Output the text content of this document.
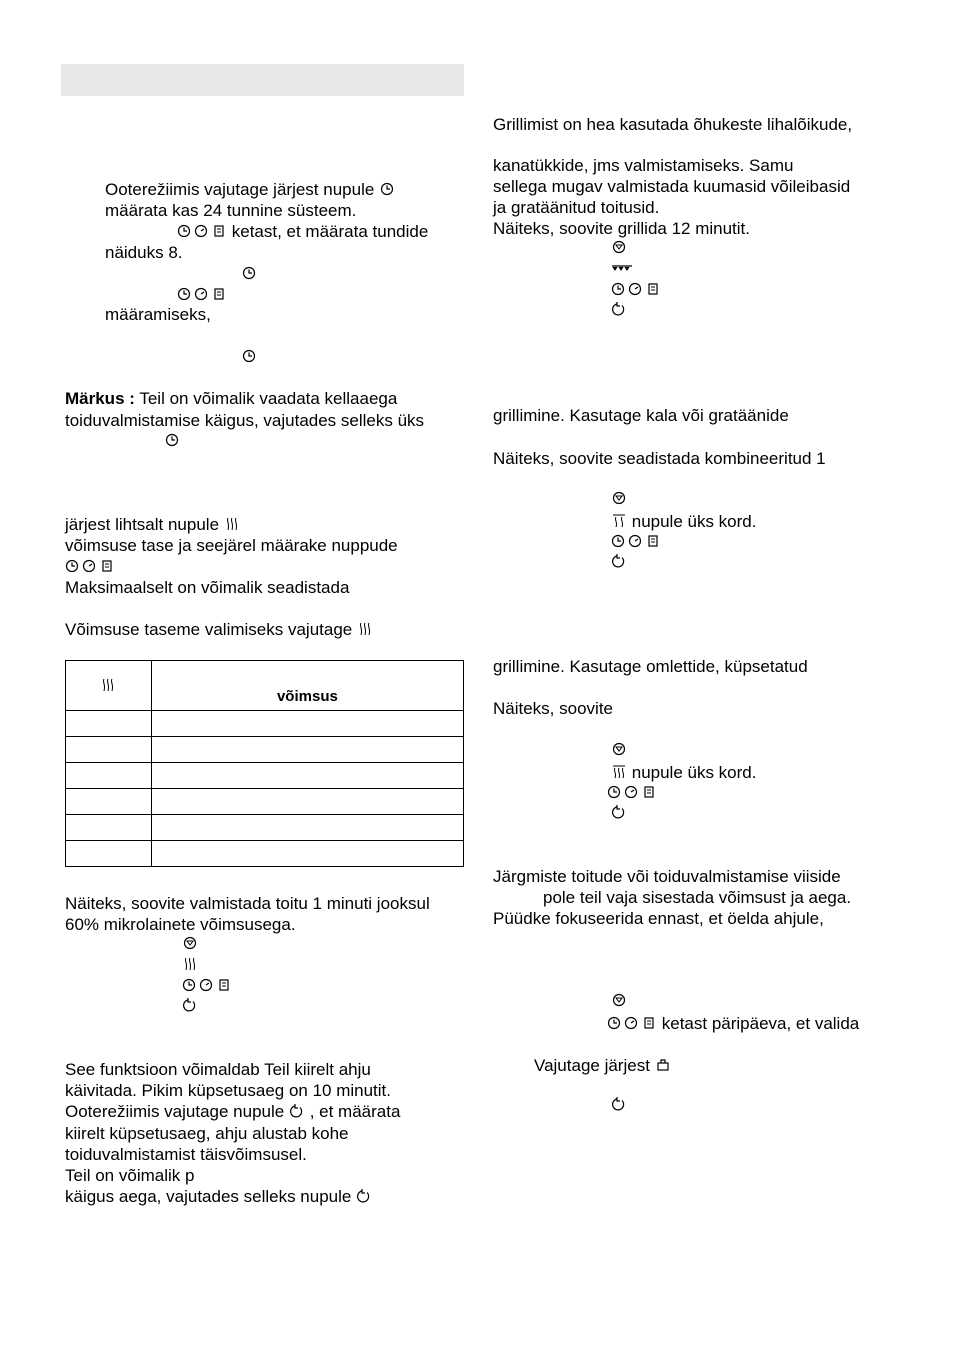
Ooterežiimis vajutage järjest nupule
määrata kas 24 tunnine süsteem.
ketast, et määrata tundide
näiduks 8.
määramiseks,
Märkus : Teil on võimalik vaadata kellaaega
toiduvalmistamise käigus, vajutades selleks üks
järjest lihtsalt nupule
võimsuse tase ja seejärel määrake nuppude
Maksimaalselt on võimalik seadistada
Võimsuse taseme valimiseks vajutage
	võimsus

Näiteks, soovite valmistada toitu 1 minuti jooksul
60% mikrolainete võimsusega.
See funktsioon võimaldab Teil kiirelt ahju
käivitada. Pikim küpsetusaeg on 10 minutit.
Ooterežiimis vajutage nupule , et määrata
kiirelt küpsetusaeg, ahju alustab kohe
toiduvalmistamist täisvõimsusel.
Teil on võimalik p
käigus aega, vajutades selleks nupule
Grillimist on hea kasutada õhukeste lihalõikude,
kanatükkide, jms valmistamiseks. Samu
sellega mugav valmistada kuumasid võileibasid
ja gratäänitud toitusid.
Näiteks, soovite grillida 12 minutit.
grillimine. Kasutage kala või gratäänide
Näiteks, soovite seadistada kombineeritud 1
nupule üks kord.
grillimine. Kasutage omlettide, küpsetatud
Näiteks, soovite
nupule üks kord.
Järgmiste toitude või toiduvalmistamise viiside
pole teil vaja sisestada võimsust ja aega.
Püüdke fokuseerida ennast, et öelda ahjule,
ketast päripäeva, et valida
Vajutage järjest
